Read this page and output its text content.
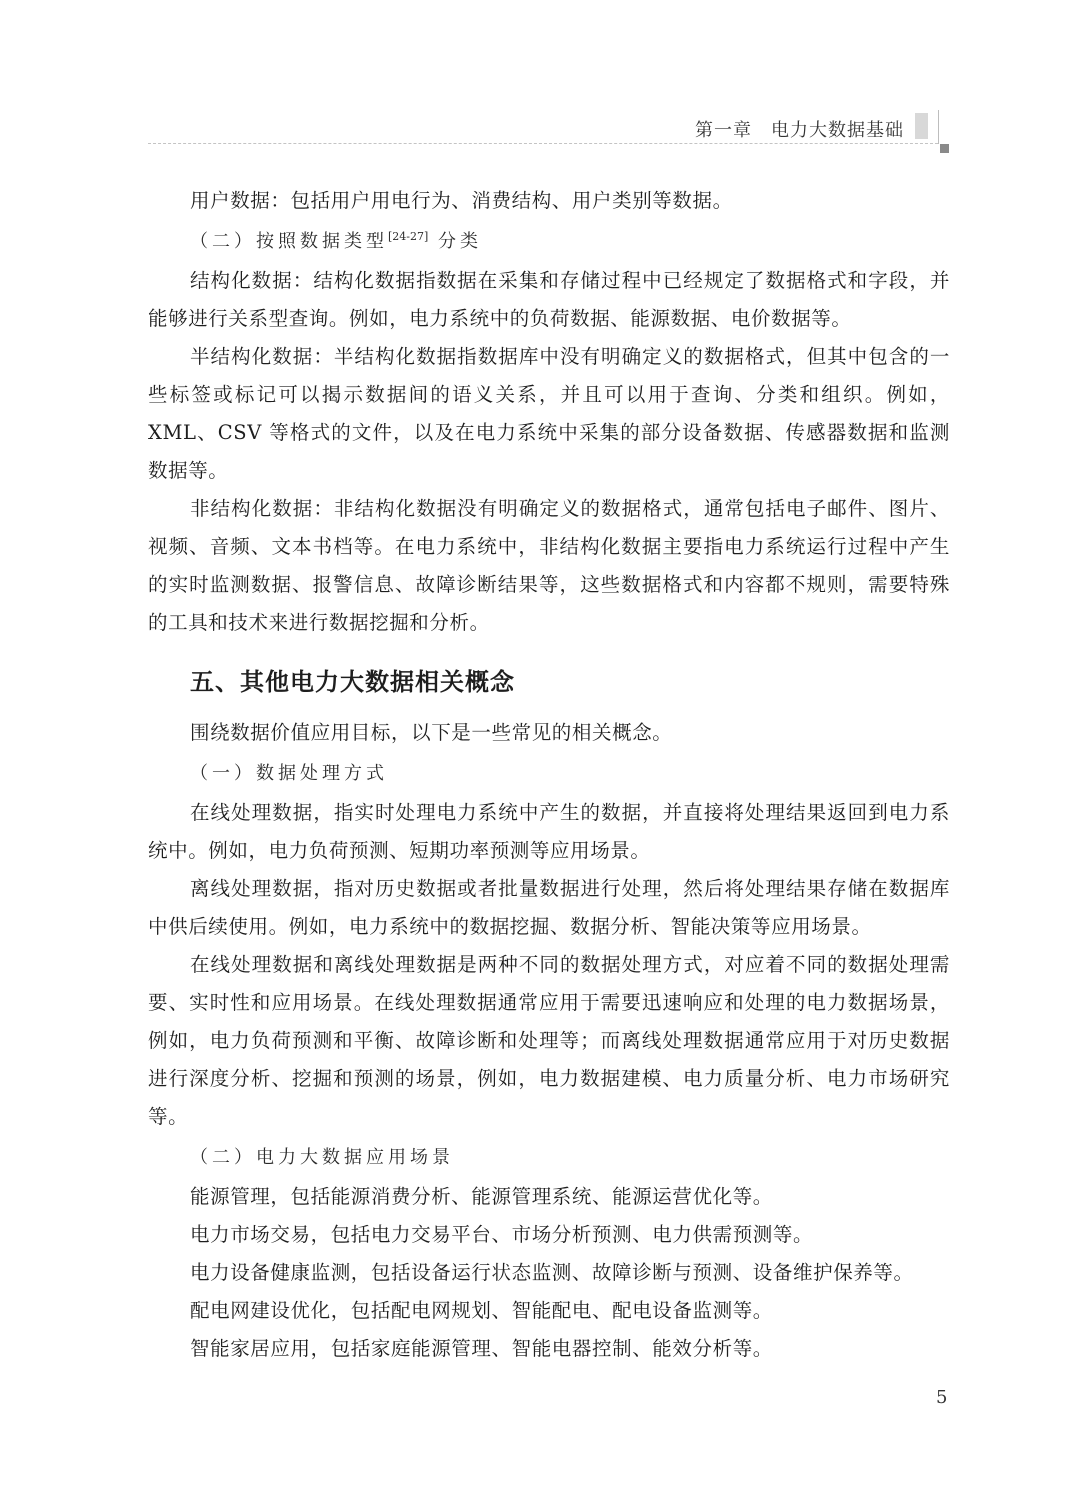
第一章　电力大数据基础

用户数据：包括用户用电行为、消费结构、用户类别等数据。

（二）按照数据类型[24-27] 分类

结构化数据：结构化数据指数据在采集和存储过程中已经规定了数据格式和字段，并能够进行关系型查询。例如，电力系统中的负荷数据、能源数据、电价数据等。

半结构化数据：半结构化数据指数据库中没有明确定义的数据格式，但其中包含的一些标签或标记可以揭示数据间的语义关系，并且可以用于查询、分类和组织。例如，XML、CSV 等格式的文件，以及在电力系统中采集的部分设备数据、传感器数据和监测数据等。

非结构化数据：非结构化数据没有明确定义的数据格式，通常包括电子邮件、图片、视频、音频、文本书档等。在电力系统中，非结构化数据主要指电力系统运行过程中产生的实时监测数据、报警信息、故障诊断结果等，这些数据格式和内容都不规则，需要特殊的工具和技术来进行数据挖掘和分析。

五、其他电力大数据相关概念

围绕数据价值应用目标，以下是一些常见的相关概念。

（一）数据处理方式

在线处理数据，指实时处理电力系统中产生的数据，并直接将处理结果返回到电力系统中。例如，电力负荷预测、短期功率预测等应用场景。

离线处理数据，指对历史数据或者批量数据进行处理，然后将处理结果存储在数据库中供后续使用。例如，电力系统中的数据挖掘、数据分析、智能决策等应用场景。

在线处理数据和离线处理数据是两种不同的数据处理方式，对应着不同的数据处理需要、实时性和应用场景。在线处理数据通常应用于需要迅速响应和处理的电力数据场景，例如，电力负荷预测和平衡、故障诊断和处理等；而离线处理数据通常应用于对历史数据进行深度分析、挖掘和预测的场景，例如，电力数据建模、电力质量分析、电力市场研究等。

（二）电力大数据应用场景

能源管理，包括能源消费分析、能源管理系统、能源运营优化等。

电力市场交易，包括电力交易平台、市场分析预测、电力供需预测等。

电力设备健康监测，包括设备运行状态监测、故障诊断与预测、设备维护保养等。

配电网建设优化，包括配电网规划、智能配电、配电设备监测等。

智能家居应用，包括家庭能源管理、智能电器控制、能效分析等。

5
